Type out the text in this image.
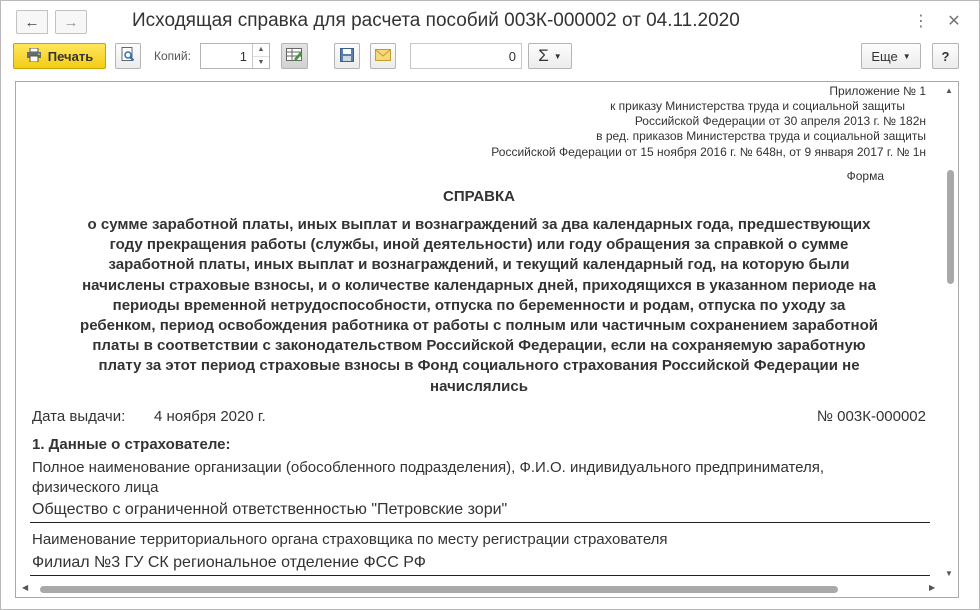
← →	Исходящая справка для расчета пособий 003К-000002 от 04.11.2020	⋮ ✕
Печать	Копий:	1	▲
▼	0 Σ ▼	Еще ▼ ?
Приложение № 1
к приказу Министерства труда и социальной защиты
Российской Федерации от 30 апреля 2013 г. № 182н
в ред. приказов Министерства труда и социальной защиты
Российской Федерации от 15 ноября 2016 г. № 648н, от 9 января 2017 г. № 1н
Форма
СПРАВКА
о сумме заработной платы, иных выплат и вознаграждений за два календарных года, предшествующих
году прекращения работы (службы, иной деятельности) или году обращения за справкой о сумме
заработной платы, иных выплат и вознаграждений, и текущий календарный год, на которую были
начислены страховые взносы, и о количестве календарных дней, приходящихся в указанном периоде на
периоды временной нетрудоспособности, отпуска по беременности и родам, отпуска по уходу за
ребенком, период освобождения работника от работы с полным или частичным сохранением заработной
платы в соответствии с законодательством Российской Федерации, если на сохраняемую заработную
плату за этот период страховые взносы в Фонд социального страхования Российской Федерации не
начислялись
Дата выдачи: 4 ноября 2020 г.	№ 003К-000002
1. Данные о страхователе:
Полное наименование организации (обособленного подразделения), Ф.И.О. индивидуального предпринимателя,
физического лица
Общество с ограниченной ответственностью "Петровские зори"
Наименование территориального органа страховщика по месту регистрации страхователя
Филиал №3 ГУ СК региональное отделение ФСС РФ
▲
▼
◀	▶
